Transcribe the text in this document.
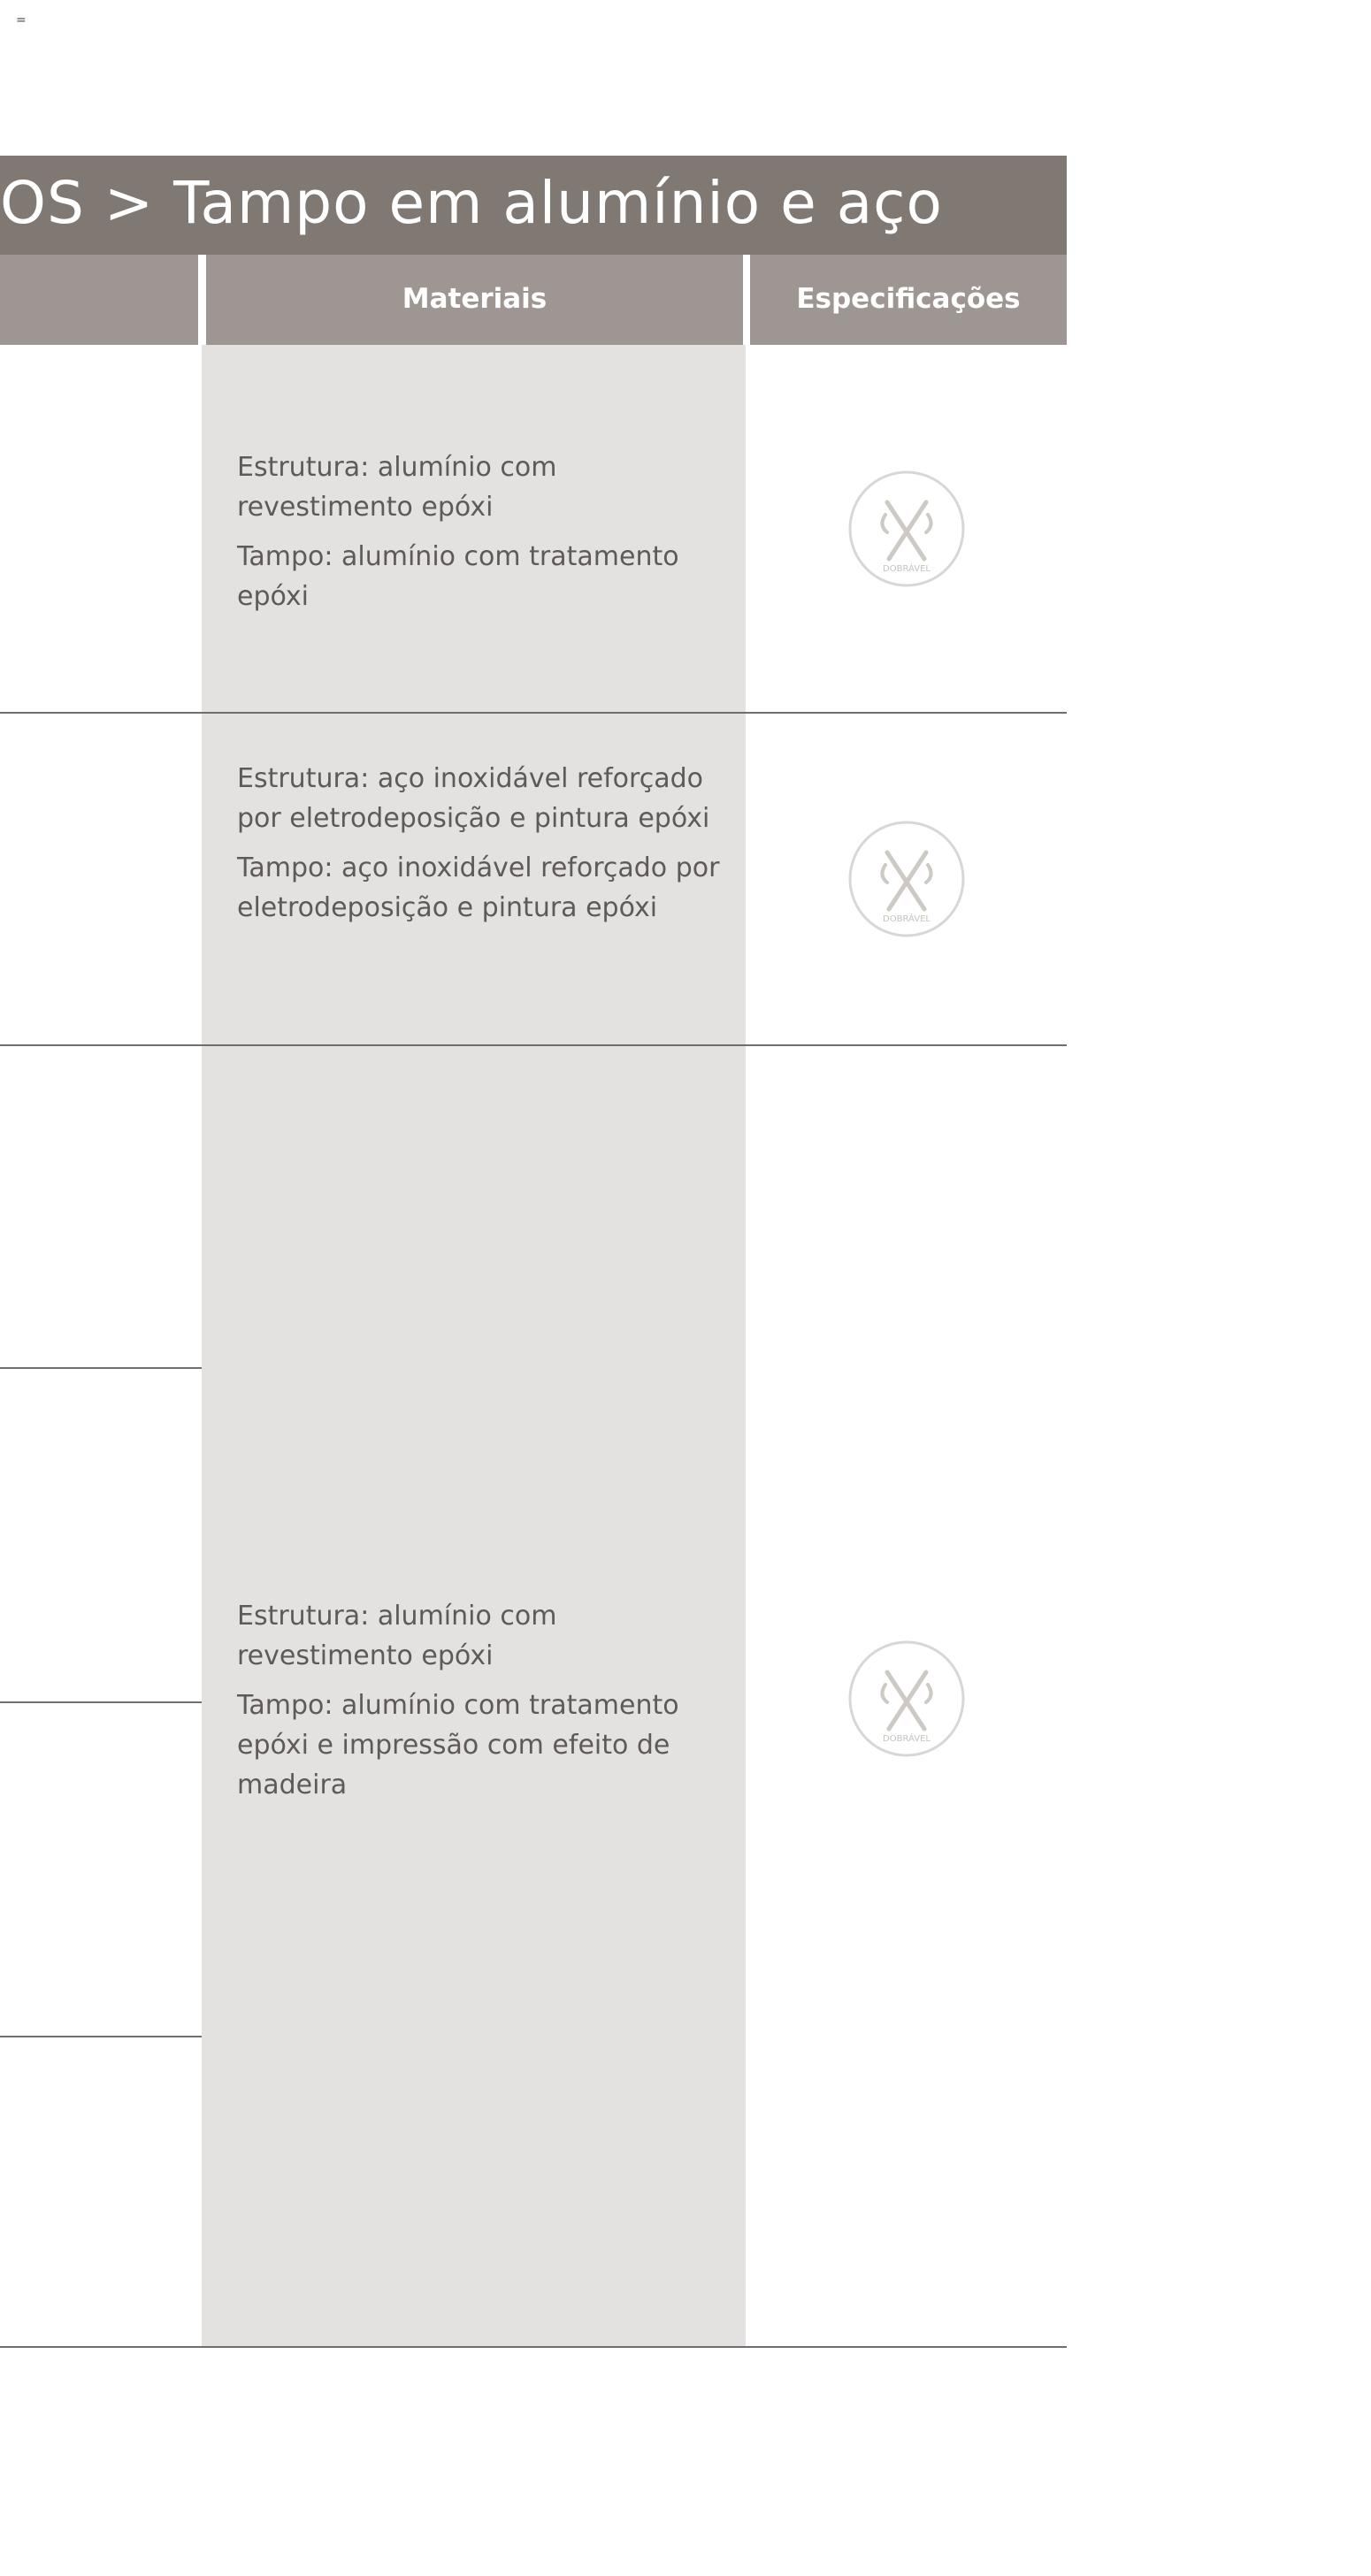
=
OS > Tampo em alumínio e aço
Materiais	Especificações

Estrutura: alumínio com revestimento epóxi

Tampo: alumínio com tratamento epóxi

Estrutura: aço inoxidável reforçado por eletrodeposição e pintura epóxi

Tampo: aço inoxidável reforçado por eletrodeposição e pintura epóxi

Estrutura: alumínio com revestimento epóxi

Tampo: alumínio com tratamento epóxi e impressão com efeito de madeira

DOBRÁVEL
DOBRÁVEL
DOBRÁVEL
